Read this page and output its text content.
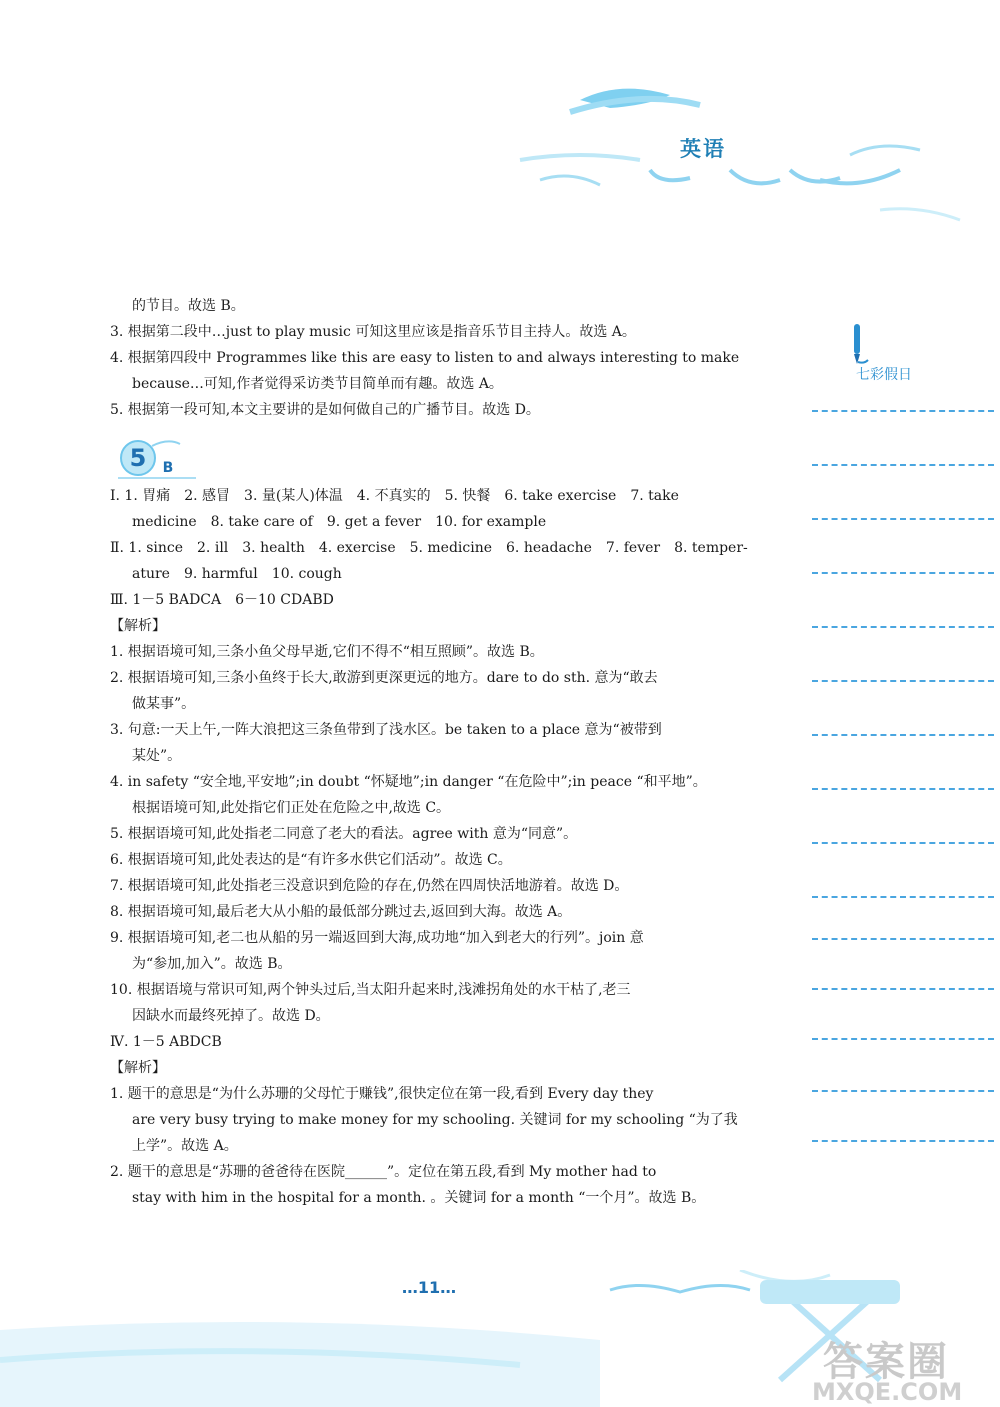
英语
七彩假日
5 B
的节目。故选 B。
3. 根据第二段中…just to play music 可知这里应该是指音乐节目主持人。故选 A。
4. 根据第四段中 Programmes like this are easy to listen to and always interesting to make
because…可知,作者觉得采访类节目简单而有趣。故选 A。
5. 根据第一段可知,本文主要讲的是如何做自己的广播节目。故选 D。
Ⅰ. 1. 胃痛　2. 感冒　3. 量(某人)体温　4. 不真实的　5. 快餐　6. take exercise　7. take
medicine　8. take care of　9. get a fever　10. for example
Ⅱ. 1. since　2. ill　3. health　4. exercise　5. medicine　6. headache　7. fever　8. temper-
ature　9. harmful　10. cough
Ⅲ. 1－5 BADCA　6－10 CDABD
【解析】
1. 根据语境可知,三条小鱼父母早逝,它们不得不“相互照顾”。故选 B。
2. 根据语境可知,三条小鱼终于长大,敢游到更深更远的地方。dare to do sth. 意为“敢去
做某事”。
3. 句意:一天上午,一阵大浪把这三条鱼带到了浅水区。be taken to a place 意为“被带到
某处”。
4. in safety “安全地,平安地”;in doubt “怀疑地”;in danger “在危险中”;in peace “和平地”。
根据语境可知,此处指它们正处在危险之中,故选 C。
5. 根据语境可知,此处指老二同意了老大的看法。agree with 意为“同意”。
6. 根据语境可知,此处表达的是“有许多水供它们活动”。故选 C。
7. 根据语境可知,此处指老三没意识到危险的存在,仍然在四周快活地游着。故选 D。
8. 根据语境可知,最后老大从小船的最低部分跳过去,返回到大海。故选 A。
9. 根据语境可知,老二也从船的另一端返回到大海,成功地“加入到老大的行列”。join 意
为“参加,加入”。故选 B。
10. 根据语境与常识可知,两个钟头过后,当太阳升起来时,浅滩拐角处的水干枯了,老三
因缺水而最终死掉了。故选 D。
Ⅳ. 1－5 ABDCB
【解析】
1. 题干的意思是“为什么苏珊的父母忙于赚钱”,很快定位在第一段,看到 Every day they
are very busy trying to make money for my schooling. 关键词 for my schooling “为了我
上学”。故选 A。
2. 题干的意思是“苏珊的爸爸待在医院______”。定位在第五段,看到 My mother had to
stay with him in the hospital for a month. 。关键词 for a month “一个月”。故选 B。
…11…
答案圈
MXQE.COM
